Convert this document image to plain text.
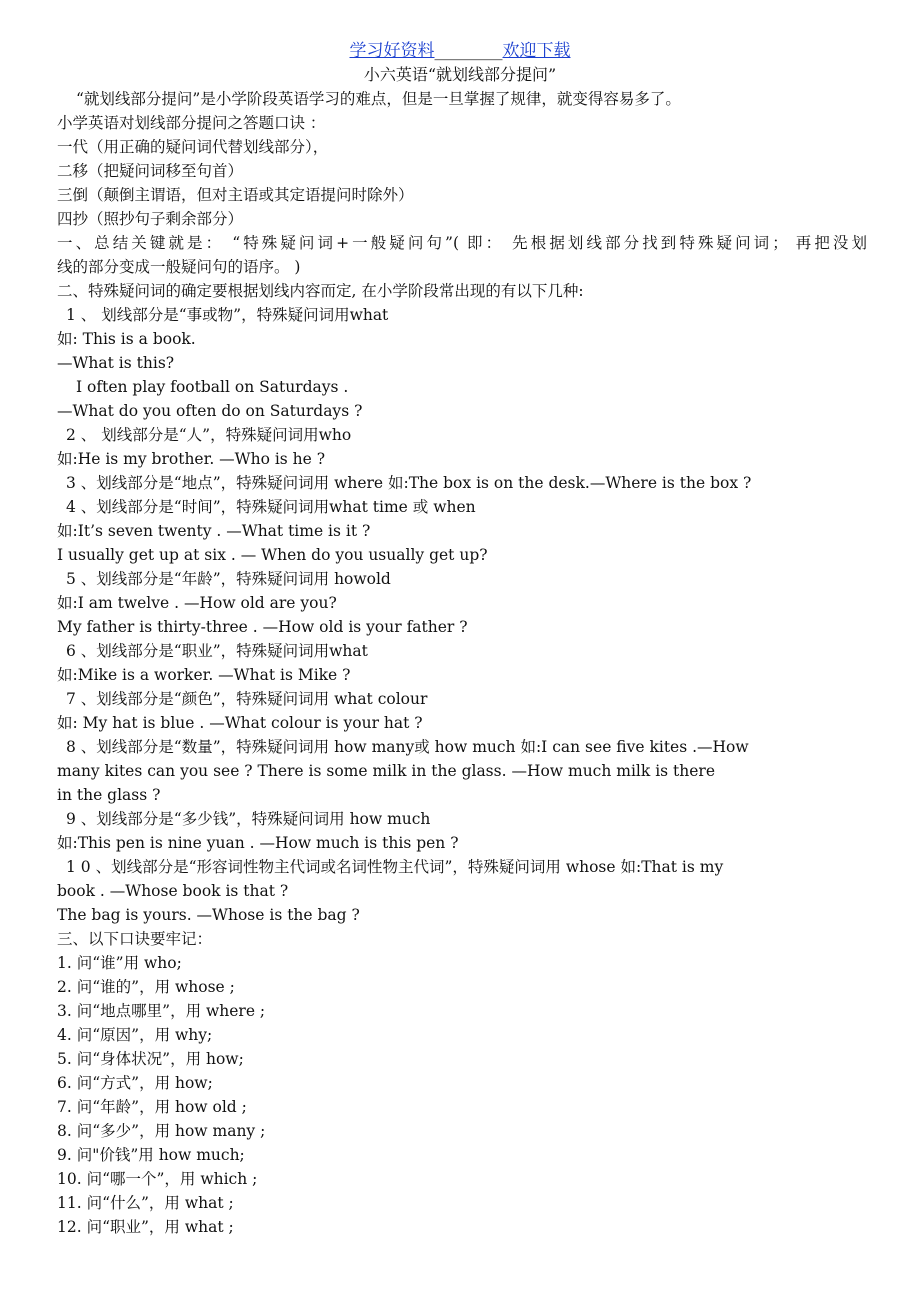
学习好资料________欢迎下载
小六英语“就划线部分提问”
“就划线部分提问”是小学阶段英语学习的难点，但是一旦掌握了规律，就变得容易多了。
小学英语对划线部分提问之答题口诀 ：
一代（用正确的疑问词代替划线部分），
二移（把疑问词移至句首）
三倒（颠倒主谓语，但对主语或其定语提问时除外）
四抄（照抄句子剩余部分）
一、总结关键就是： “特殊疑问词+一般疑问句”( 即： 先根据划线部分找到特殊疑问词； 再把没划
线的部分变成一般疑问句的语序。 )
二、特殊疑问词的确定要根据划线内容而定, 在小学阶段常出现的有以下几种:
1 、 划线部分是“事或物”，特殊疑问词用what
如: This is a book.
—What is this?
I often play football on Saturdays .
—What do you often do on Saturdays ?
2 、 划线部分是“人”，特殊疑问词用who
如:He is my brother. —Who is he ?
3 、划线部分是“地点”，特殊疑问词用 where 如:The box is on the desk.—Where is the box ?
4 、划线部分是“时间”，特殊疑问词用what time 或 when
如:It’s seven twenty . —What time is it ?
I usually get up at six . — When do you usually get up?
5 、划线部分是“年龄”，特殊疑问词用 howold
如:I am twelve . —How old are you?
My father is thirty-three . —How old is your father ?
6 、划线部分是“职业”，特殊疑问词用what
如:Mike is a worker. —What is Mike ?
7 、划线部分是“颜色”，特殊疑问词用 what colour
如: My hat is blue . —What colour is your hat ?
8 、划线部分是“数量”，特殊疑问词用 how many或 how much 如:I can see five kites .—How
many kites can you see ? There is some milk in the glass. —How much milk is there
in the glass ?
9 、划线部分是“多少钱”，特殊疑问词用 how much
如:This pen is nine yuan . —How much is this pen ?
1 0 、划线部分是“形容词性物主代词或名词性物主代词”，特殊疑问词用 whose 如:That is my
book . —Whose book is that ?
The bag is yours. —Whose is the bag ?
三、以下口诀要牢记：
1. 问“谁”用 who;
2. 问“谁的”，用 whose ;
3. 问“地点哪里”，用 where ;
4. 问“原因”，用 why;
5. 问“身体状况”，用 how;
6. 问“方式”，用 how;
7. 问“年龄”，用 how old ;
8. 问“多少”，用 how many ;
9. 问"价钱”用 how much;
10. 问“哪一个”，用 which ;
11. 问“什么”，用 what ;
12. 问“职业”，用 what ;
